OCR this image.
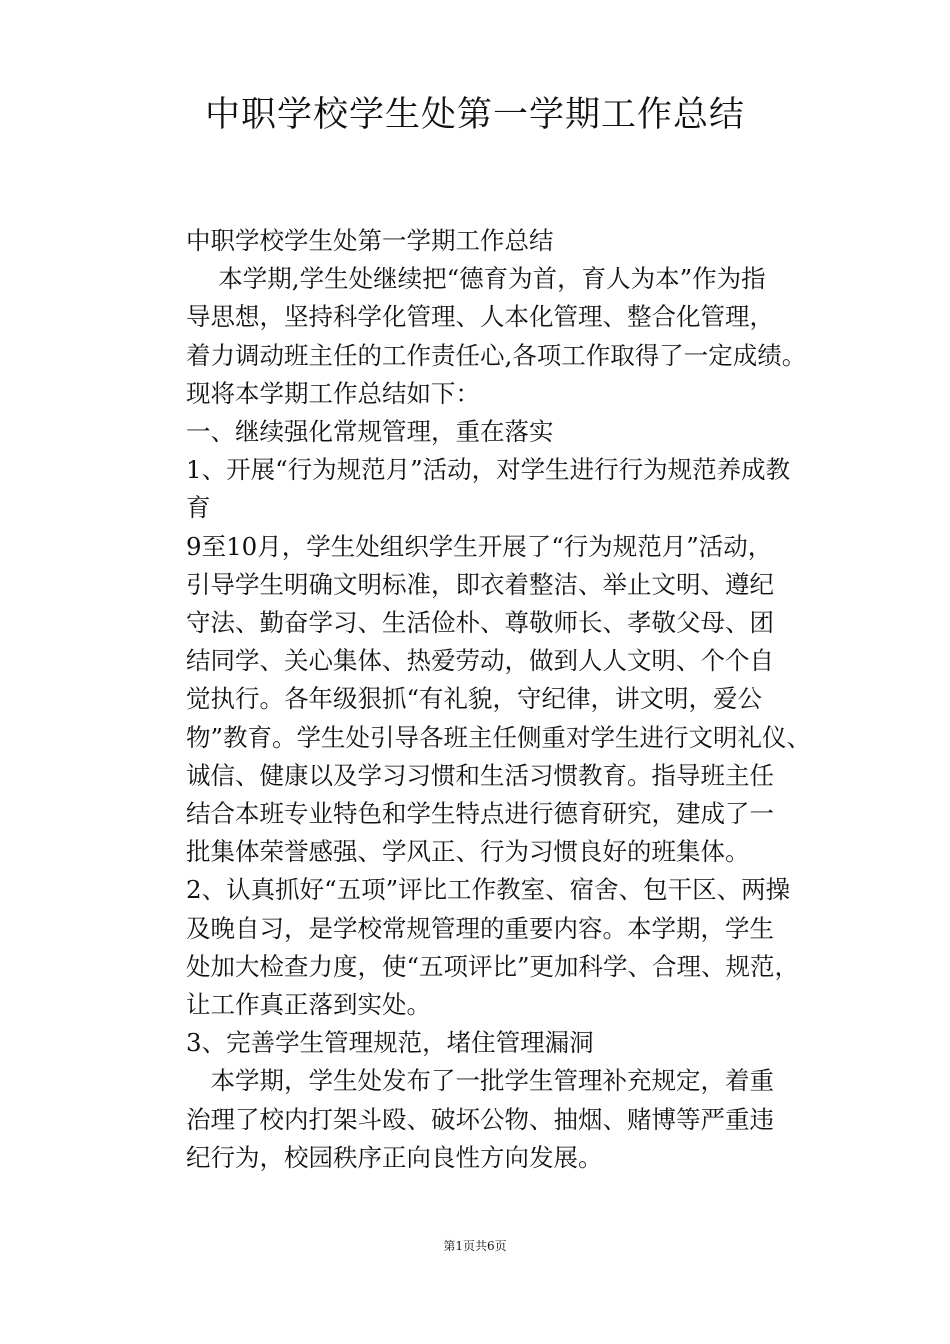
中职学校学生处第一学期工作总结
中职学校学生处第一学期工作总结
　 本学期,学生处继续把“德育为首，育人为本”作为指
导思想，坚持科学化管理、人本化管理、整合化管理，
着力调动班主任的工作责任心,各项工作取得了一定成绩。
现将本学期工作总结如下：
一、继续强化常规管理，重在落实
1、开展“行为规范月”活动，对学生进行行为规范养成教
育
9至10月，学生处组织学生开展了“行为规范月”活动，
引导学生明确文明标准，即衣着整洁、举止文明、遵纪
守法、勤奋学习、生活俭朴、尊敬师长、孝敬父母、团
结同学、关心集体、热爱劳动，做到人人文明、个个自
觉执行。各年级狠抓“有礼貌，守纪律，讲文明，爱公
物”教育。学生处引导各班主任侧重对学生进行文明礼仪、
诚信、健康以及学习习惯和生活习惯教育。指导班主任
结合本班专业特色和学生特点进行德育研究，建成了一
批集体荣誉感强、学风正、行为习惯良好的班集体。
2、认真抓好“五项”评比工作教室、宿舍、包干区、两操
及晚自习，是学校常规管理的重要内容。本学期，学生
处加大检查力度，使“五项评比”更加科学、合理、规范，
让工作真正落到实处。
3、完善学生管理规范，堵住管理漏洞
　本学期，学生处发布了一批学生管理补充规定，着重
治理了校内打架斗殴、破坏公物、抽烟、赌博等严重违
纪行为，校园秩序正向良性方向发展。
第1页共6页
